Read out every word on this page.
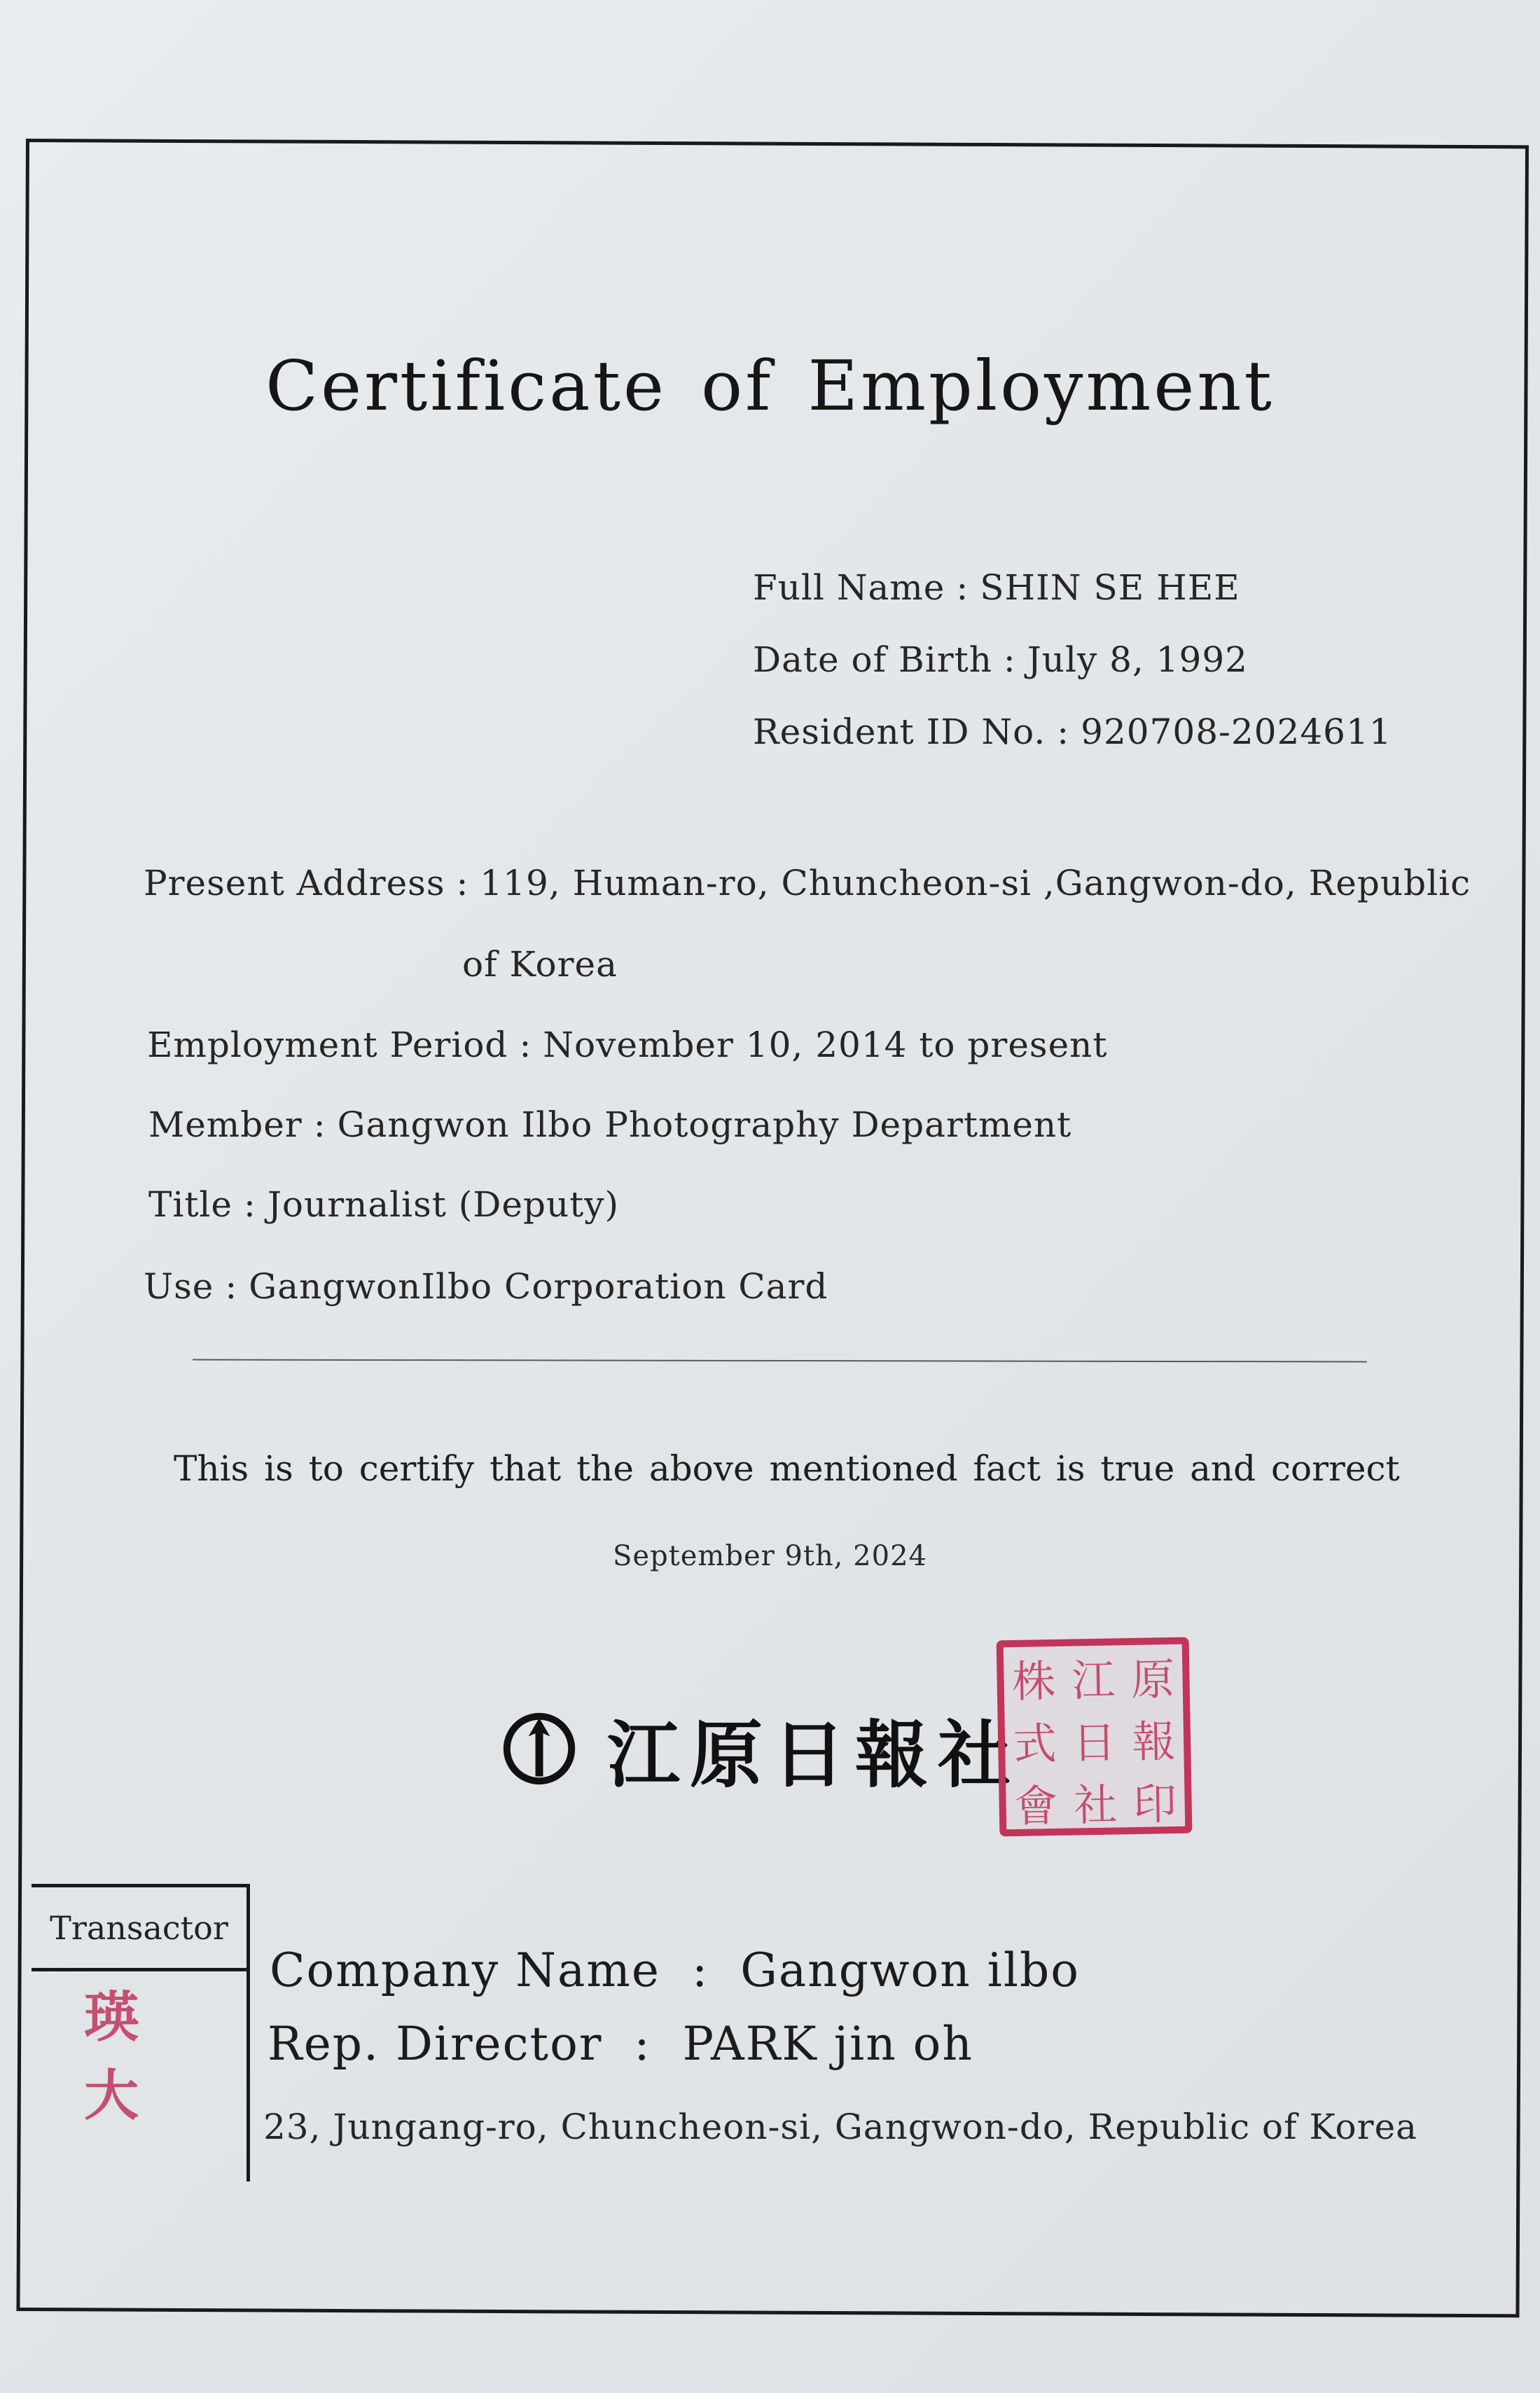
Certificate of Employment
Full Name : SHIN SE HEE
Date of Birth : July 8, 1992
Resident ID No. : 920708-2024611
Present Address : 119, Human-ro, Chuncheon-si ,Gangwon-do, Republic
of Korea
Employment Period : November 10, 2014 to present
Member : Gangwon Ilbo Photography Department
Title : Journalist (Deputy)
Use : GangwonIlbo Corporation Card
This is to certify that the above mentioned fact is true and correct
September 9th, 2024
江原日報社
株 江 原
式 日 報
會 社 印
Transactor
瑛大
Company Name : Gangwon ilbo
Rep. Director : PARK jin oh
23, Jungang-ro, Chuncheon-si, Gangwon-do, Republic of Korea
